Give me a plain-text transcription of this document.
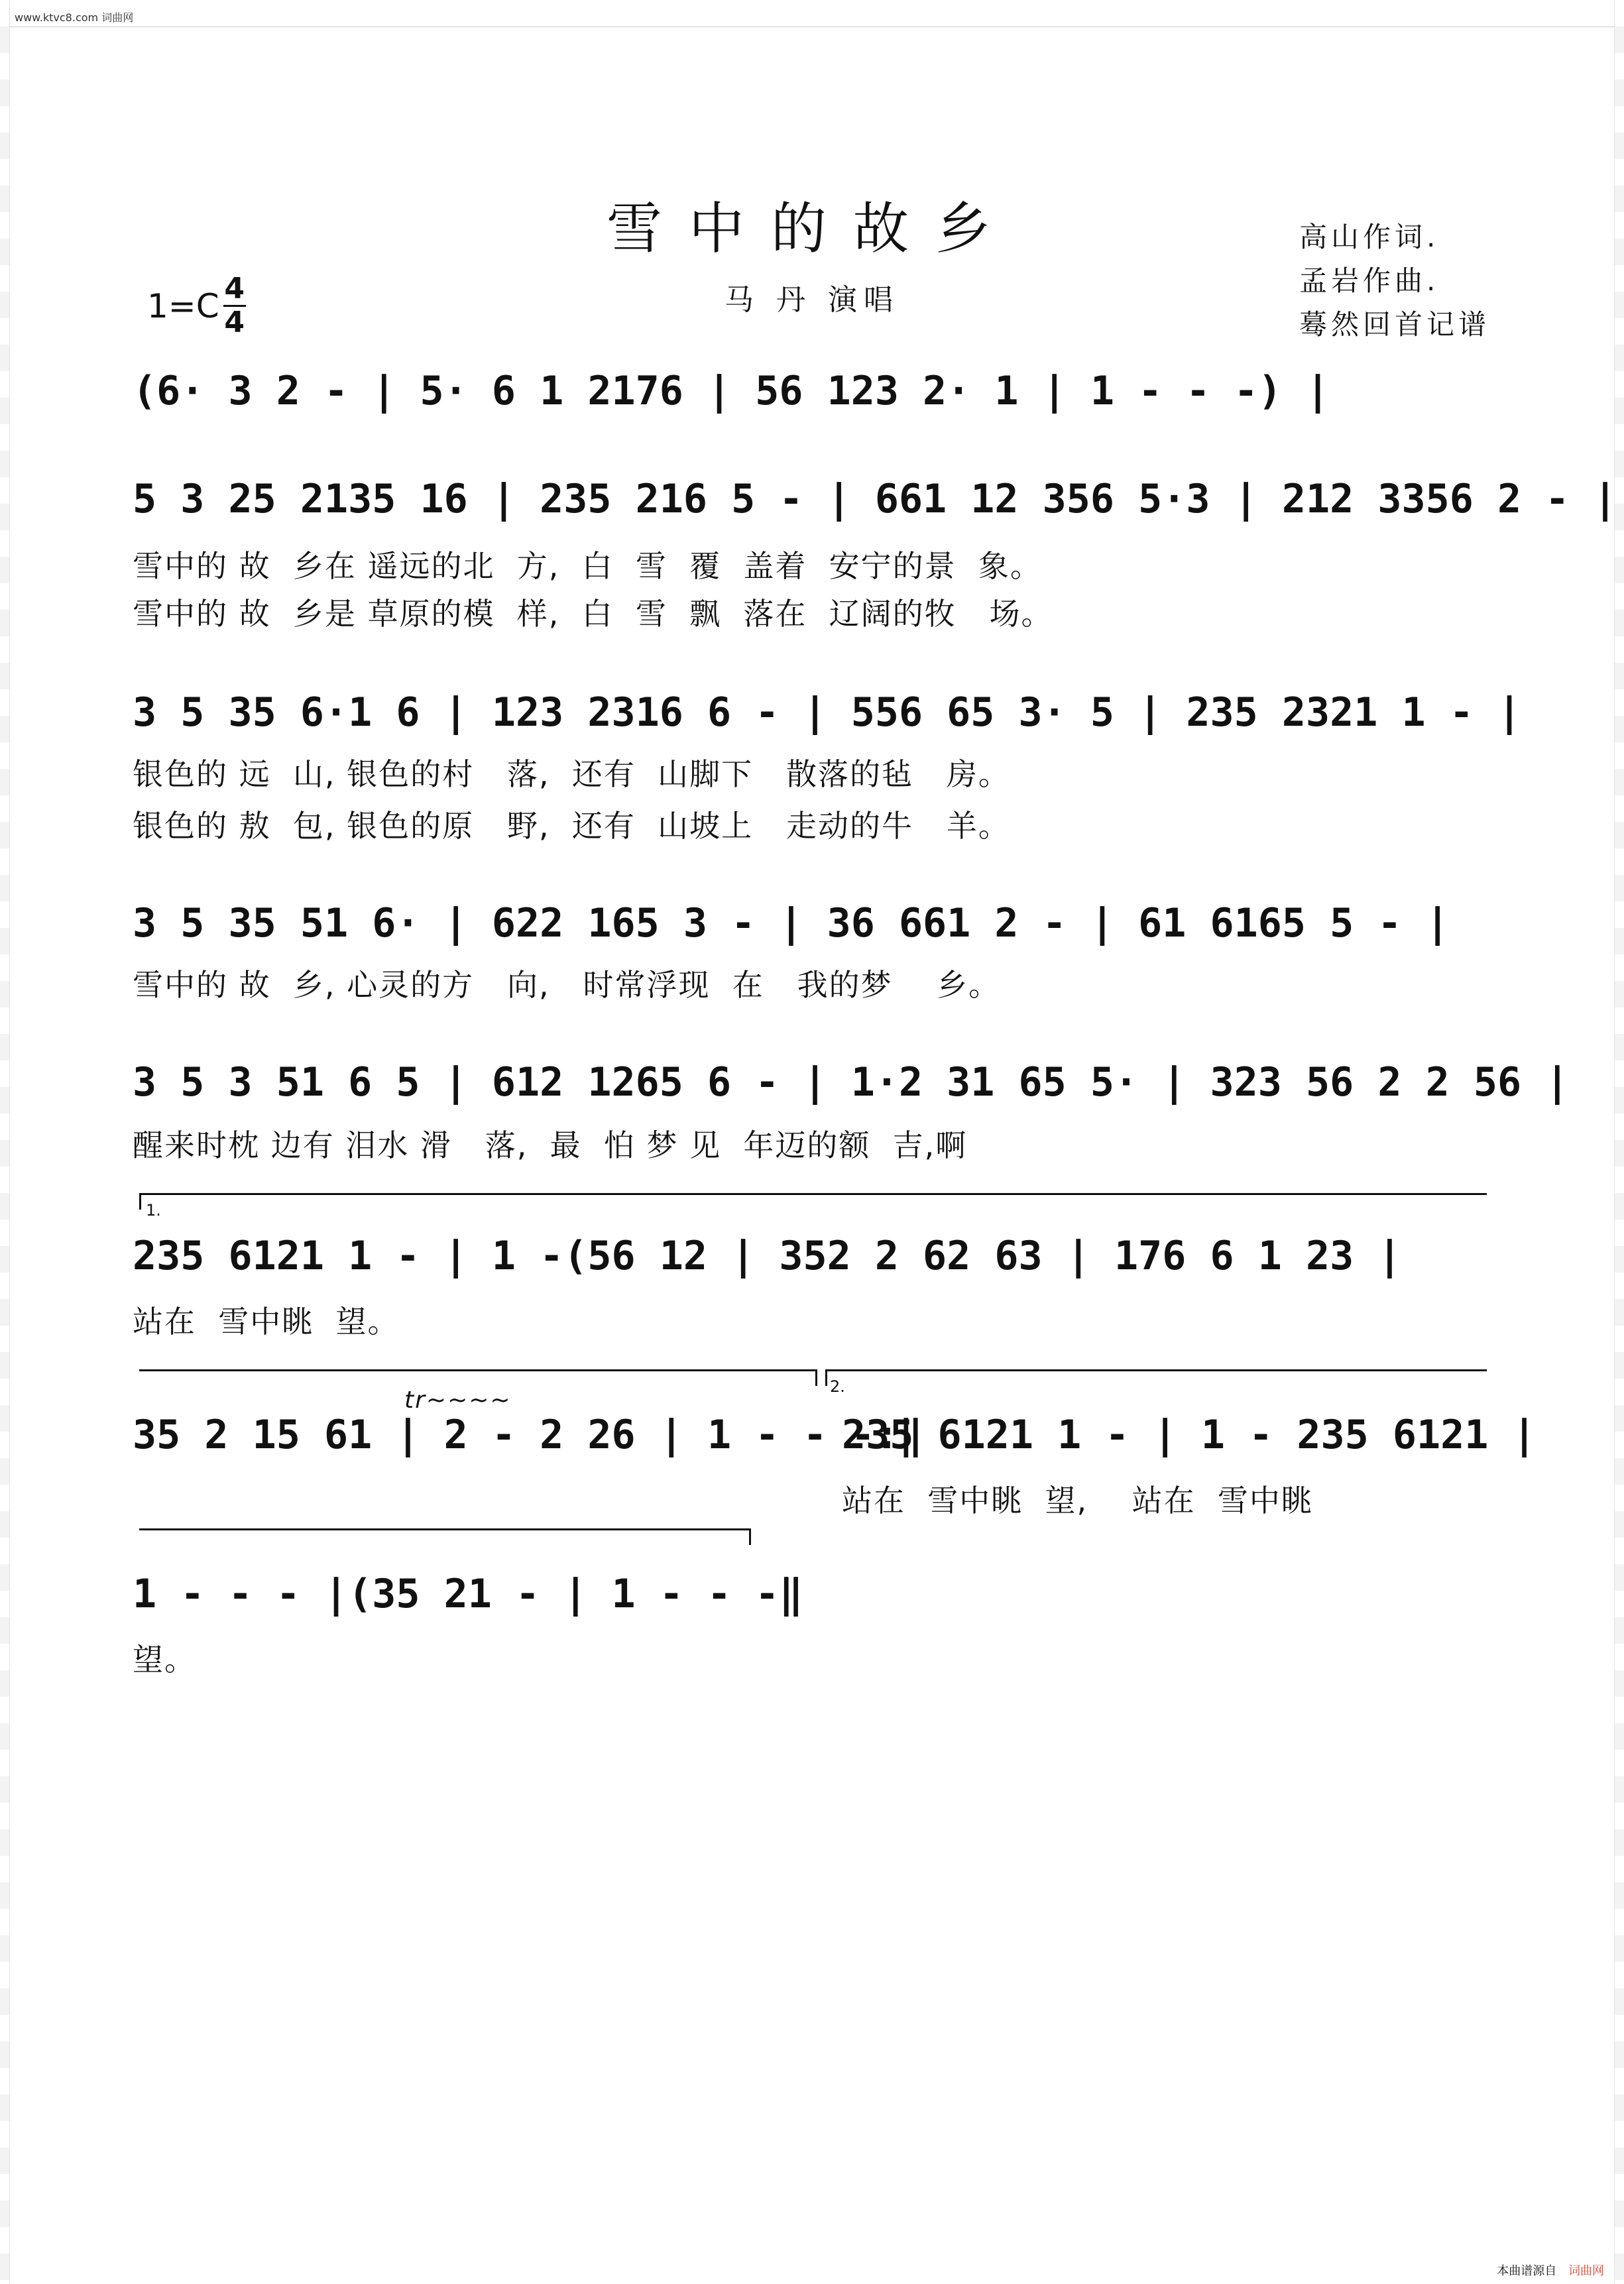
www.ktvc8.com 词曲网
雪中的故乡
马 丹 演唱
高山作词.
孟岩作曲.
蓦然回首记谱
1=C 4
4
(6· 3 2 - | 5· 6 1 2176 | 56 123 2· 1 | 1 - - -) |
5 3 25 2135 16 | 235 216 5 - | 661 12 356 5·3 | 212 3356 2 - |
雪中的 故  乡在 遥远的北  方,  白  雪  覆  盖着  安宁的景  象。
雪中的 故  乡是 草原的模  样,  白  雪  飘  落在  辽阔的牧   场。
3 5 35 6·1 6 | 123 2316 6 - | 556 65 3· 5 | 235 2321 1 - |
银色的 远  山, 银色的村   落,  还有  山脚下   散落的毡   房。
银色的 敖  包, 银色的原   野,  还有  山坡上   走动的牛   羊。
3 5 35 51 6· | 622 165 3 - | 36 661 2 - | 61 6165 5 - |
雪中的 故  乡, 心灵的方   向,   时常浮现  在   我的梦    乡。
3 5 3 51 6 5 | 612 1265 6 - | 1·2 31 65 5· | 323 56 2 2 56 |
醒来时枕 边有 泪水 滑   落,  最  怕 梦 见  年迈的额  吉,啊
1.
235 6121 1 - | 1 -(56 12 | 352 2 62 63 | 176 6 1 23 |
站在  雪中眺  望。
2.
tr~~~~
35 2 15 61 | 2 - 2 26 | 1 - - -:‖
235 6121 1 - | 1 - 235 6121 |
站在  雪中眺  望,    站在  雪中眺
1 - - - |(35 21 - | 1 - - -‖
望。
本曲谱源自 词曲网
